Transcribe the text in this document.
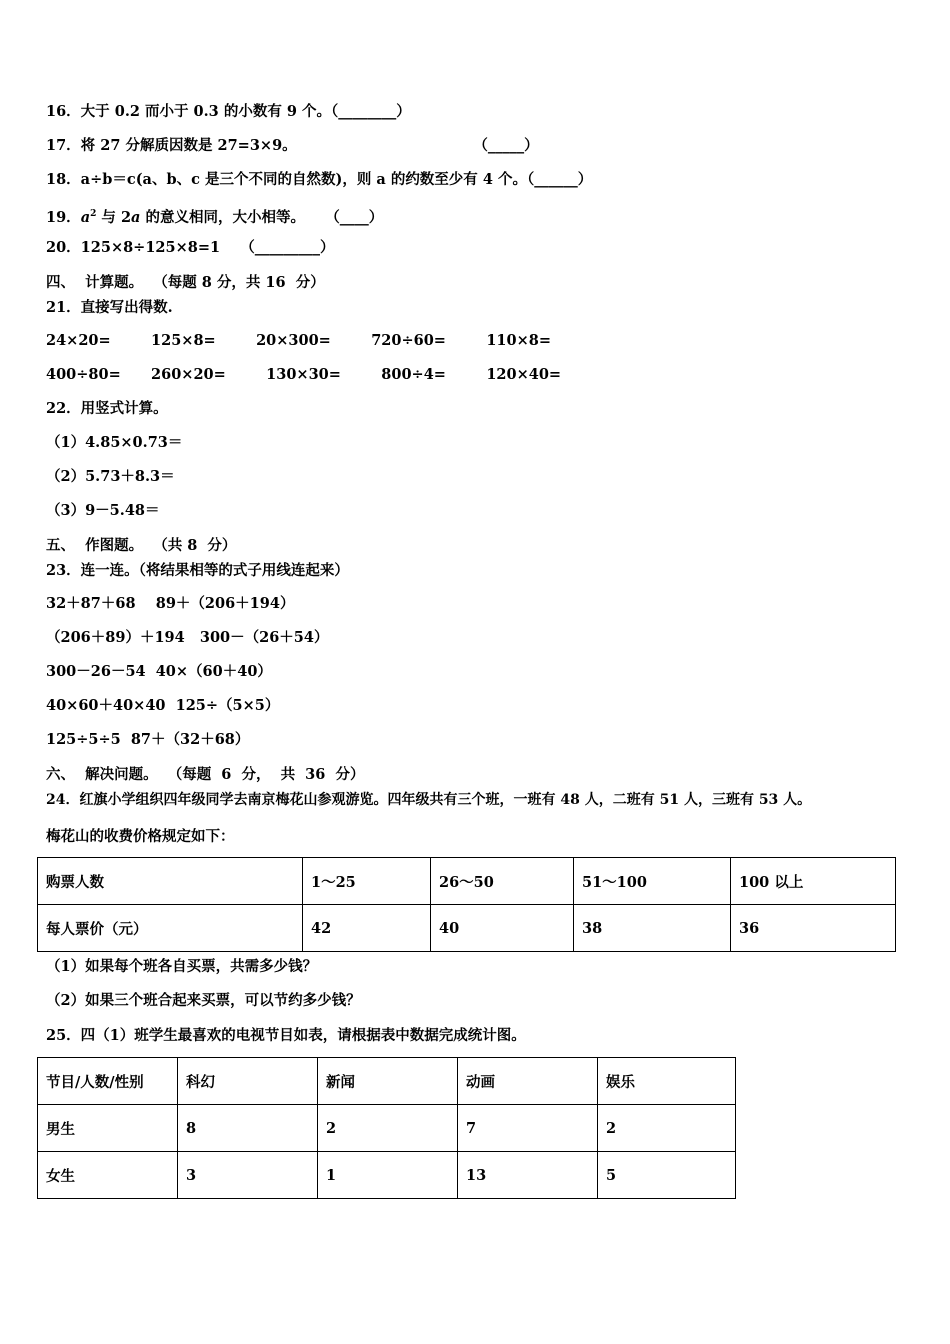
16．大于 0.2 而小于 0.3 的小数有 9 个。（________）
17．将 27 分解质因数是 27=3×9。                                   （_____）
18．a÷b＝c(a、b、c 是三个不同的自然数)，则 a 的约数至少有 4 个。（______）
19．$a^2$ 与 2a 的意义相同，大小相等。    （____）
20．125×8÷125×8=1    （_________）
四、  计算题。  （每题 8 分，共 16  分）
21．直接写出得数.
24×20=        125×8=        20×300=        720÷60=        110×8=
400÷80=      260×20=        130×30=        800÷4=        120×40=
22．用竖式计算。
（1）4.85×0.73＝
（2）5.73＋8.3＝
（3）9－5.48＝
五、  作图题。  （共 8  分）
23．连一连。（将结果相等的式子用线连起来）
32＋87＋68    89＋（206＋194）
（206＋89）＋194   300－（26＋54）
300－26－54  40×（60＋40）
40×60＋40×40  125÷（5×5）
125÷5÷5  87＋（32＋68）
六、  解决问题。  （每题  6  分，  共  36  分）
24．红旗小学组织四年级同学去南京梅花山参观游览。四年级共有三个班，一班有 48 人，二班有 51 人，三班有 53 人。
梅花山的收费价格规定如下：
购票人数	1～25	26～50	51～100	100 以上
每人票价（元）	42	40	38	36
（1）如果每个班各自买票，共需多少钱？
（2）如果三个班合起来买票，可以节约多少钱？
25．四（1）班学生最喜欢的电视节目如表，请根据表中数据完成统计图。
节目/人数/性别	科幻	新闻	动画	娱乐
男生	8	2	7	2
女生	3	1	13	5
